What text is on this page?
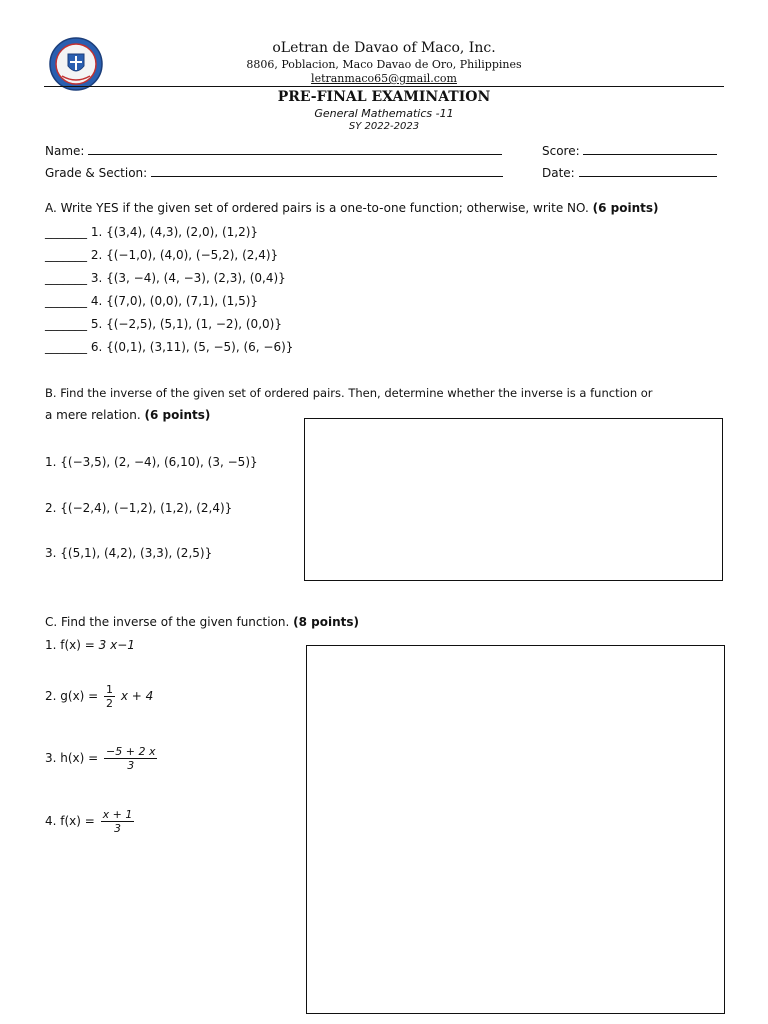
oLetran de Davao of Maco, Inc.
8806, Poblacion, Maco Davao de Oro, Philippines
letranmaco65@gmail.com
PRE-FINAL EXAMINATION
General Mathematics -11
SY 2022-2023
Name:	Score:
Grade & Section:	Date:
A. Write YES if the given set of ordered pairs is a one-to-one function; otherwise, write NO. (6 points)
_______ 1. {(3,4), (4,3), (2,0), (1,2)}
_______ 2. {(−1,0), (4,0), (−5,2), (2,4)}
_______ 3. {(3, −4), (4, −3), (2,3), (0,4)}
_______ 4. {(7,0), (0,0), (7,1), (1,5)}
_______ 5. {(−2,5), (5,1), (1, −2), (0,0)}
_______ 6. {(0,1), (3,11), (5, −5), (6, −6)}
B. Find the inverse of the given set of ordered pairs. Then, determine whether the inverse is a function or
a mere relation. (6 points)
1. {(−3,5), (2, −4), (6,10), (3, −5)}
2. {(−2,4), (−1,2), (1,2), (2,4)}
3. {(5,1), (4,2), (3,3), (2,5)}
C. Find the inverse of the given function. (8 points)
1. f(x) = 3 x−1
2. $g(x) = \frac{1}{2}$ x + 4
3. $h(x) = \frac{-5 + 2 x}{3}$
4. $f(x) = \frac{x + 1}{3}$
